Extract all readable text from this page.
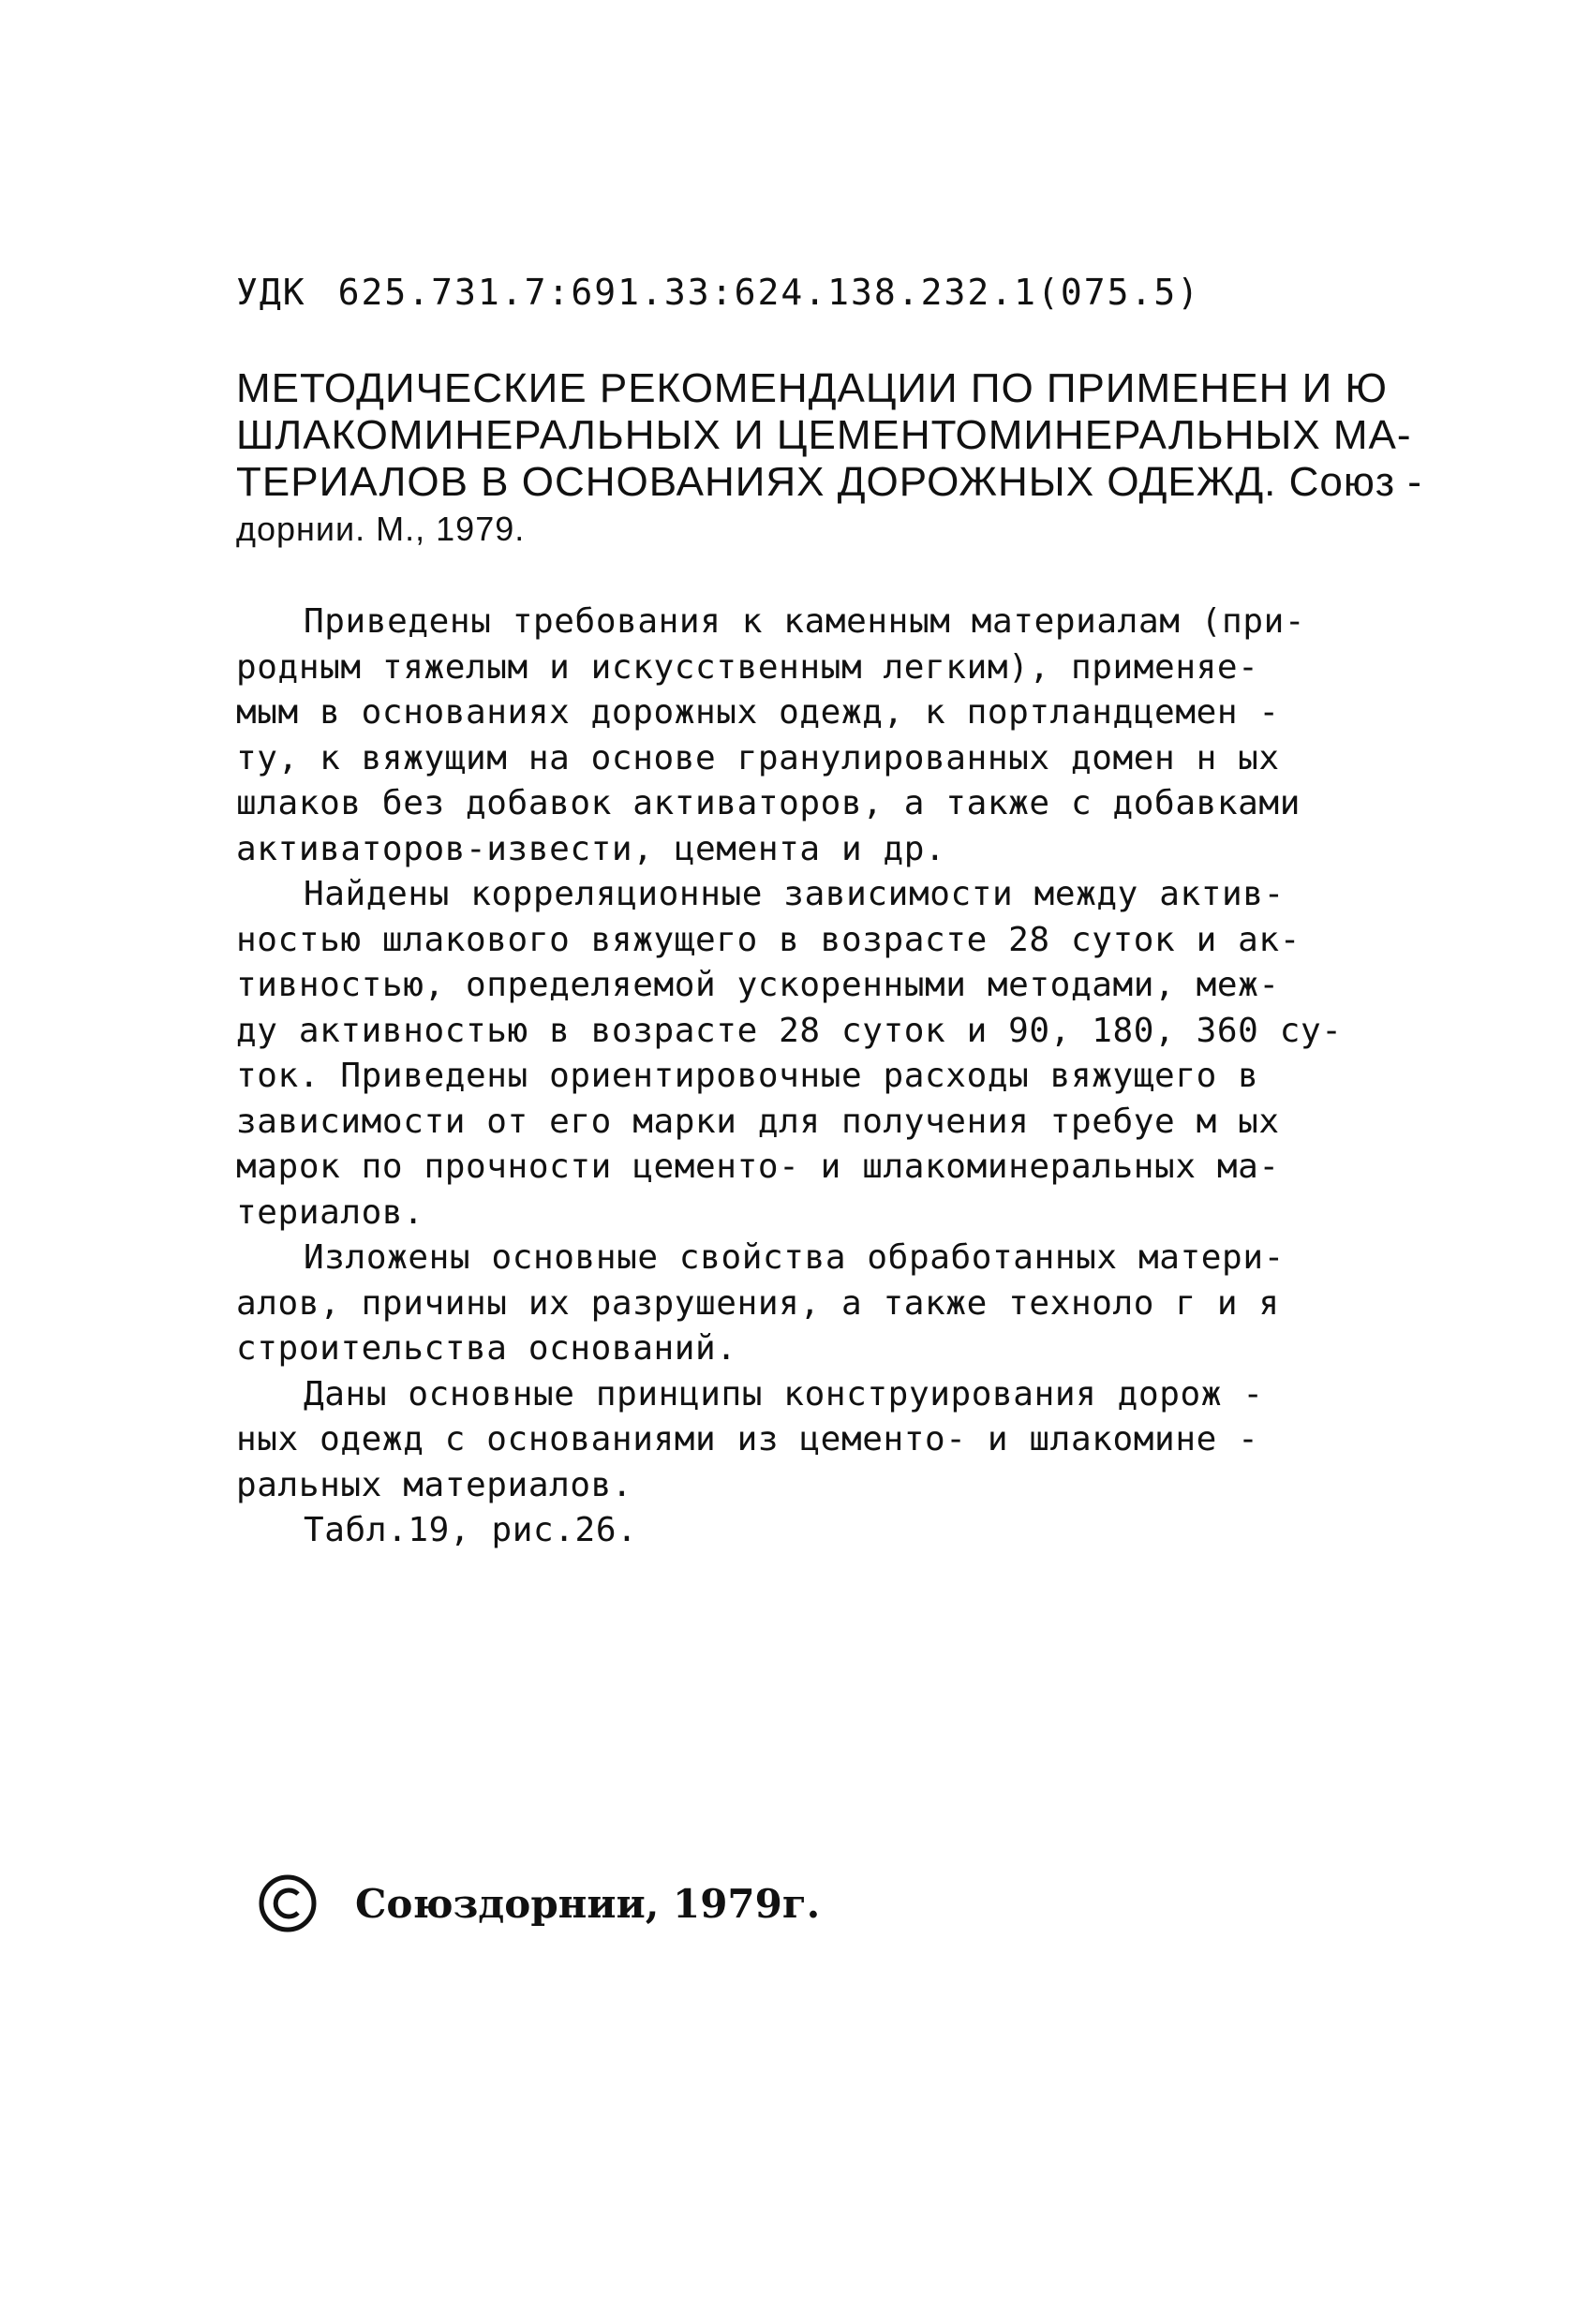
УДК 625.731.7:691.33:624.138.232.1(075.5)
МЕТОДИЧЕСКИЕ РЕКОМЕНДАЦИИ ПО ПРИМЕНЕН И Ю
ШЛАКОМИНЕРАЛЬНЫХ И ЦЕМЕНТОМИНЕРАЛЬНЫХ МА-
ТЕРИАЛОВ В ОСНОВАНИЯХ ДОРОЖНЫХ ОДЕЖД. Союз -
дорнии. М., 1979.
Приведены требования к каменным материалам (при-
родным тяжелым и искусственным легким), применяе-
мым в основаниях дорожных одежд, к портландцемен -
ту, к вяжущим на основе гранулированных домен н ых
шлаков без добавок активаторов, а также с добавками
активаторов-извести, цемента и др.
Найдены корреляционные зависимости между актив-
ностью шлакового вяжущего в возрасте 28 суток и ак-
тивностью, определяемой ускоренными методами, меж-
ду активностью в возрасте 28 суток и 90, 180, 360 су-
ток. Приведены ориентировочные расходы вяжущего в
зависимости от его марки для получения требуе м ых
марок по прочности цементо- и шлакоминеральных ма-
териалов.
Изложены основные свойства обработанных матери-
алов, причины их разрушения, а также техноло г и я
строительства оснований.
Даны основные принципы конструирования дорож -
ных одежд с основаниями из цементо- и шлакомине -
ральных материалов.
Табл.19, рис.26.
Союздорнии, 1979г.
